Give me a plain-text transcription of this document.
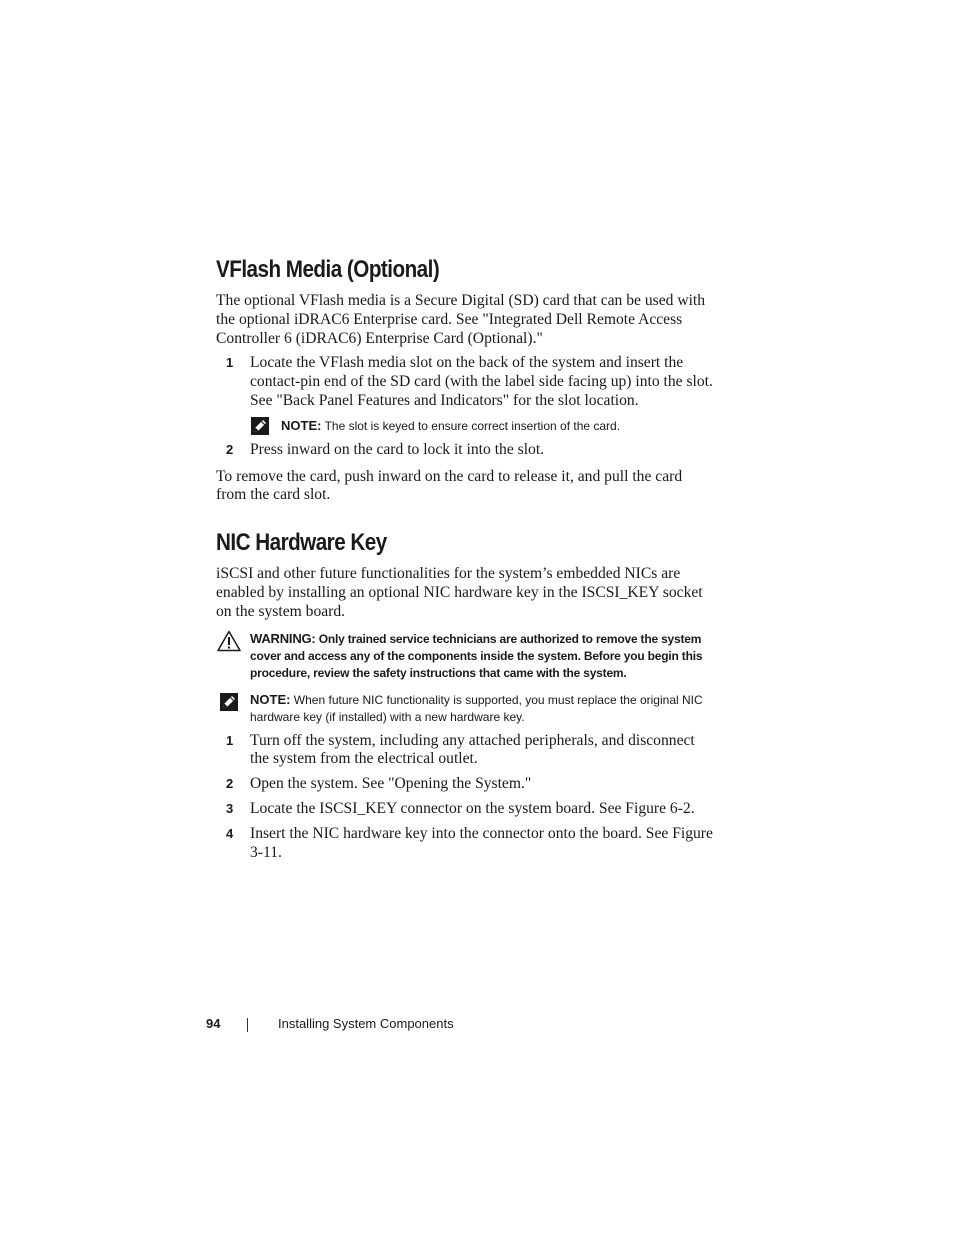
VFlash Media (Optional)

The optional VFlash media is a Secure Digital (SD) card that can be used with the optional iDRAC6 Enterprise card. See "Integrated Dell Remote Access Controller 6 (iDRAC6) Enterprise Card (Optional)."

1 Locate the VFlash media slot on the back of the system and insert the contact-pin end of the SD card (with the label side facing up) into the slot. See "Back Panel Features and Indicators" for the slot location.
NOTE: The slot is keyed to ensure correct insertion of the card.
2 Press inward on the card to lock it into the slot.

To remove the card, push inward on the card to release it, and pull the card from the card slot.

NIC Hardware Key

iSCSI and other future functionalities for the system’s embedded NICs are enabled by installing an optional NIC hardware key in the ISCSI_KEY socket on the system board.

WARNING: Only trained service technicians are authorized to remove the system cover and access any of the components inside the system. Before you begin this procedure, review the safety instructions that came with the system.
NOTE: When future NIC functionality is supported, you must replace the original NIC hardware key (if installed) with a new hardware key.
1 Turn off the system, including any attached peripherals, and disconnect the system from the electrical outlet.
2 Open the system. See "Opening the System."
3 Locate the ISCSI_KEY connector on the system board. See Figure 6-2.
4 Insert the NIC hardware key into the connector onto the board. See Figure 3-11.
94	Installing System Components
